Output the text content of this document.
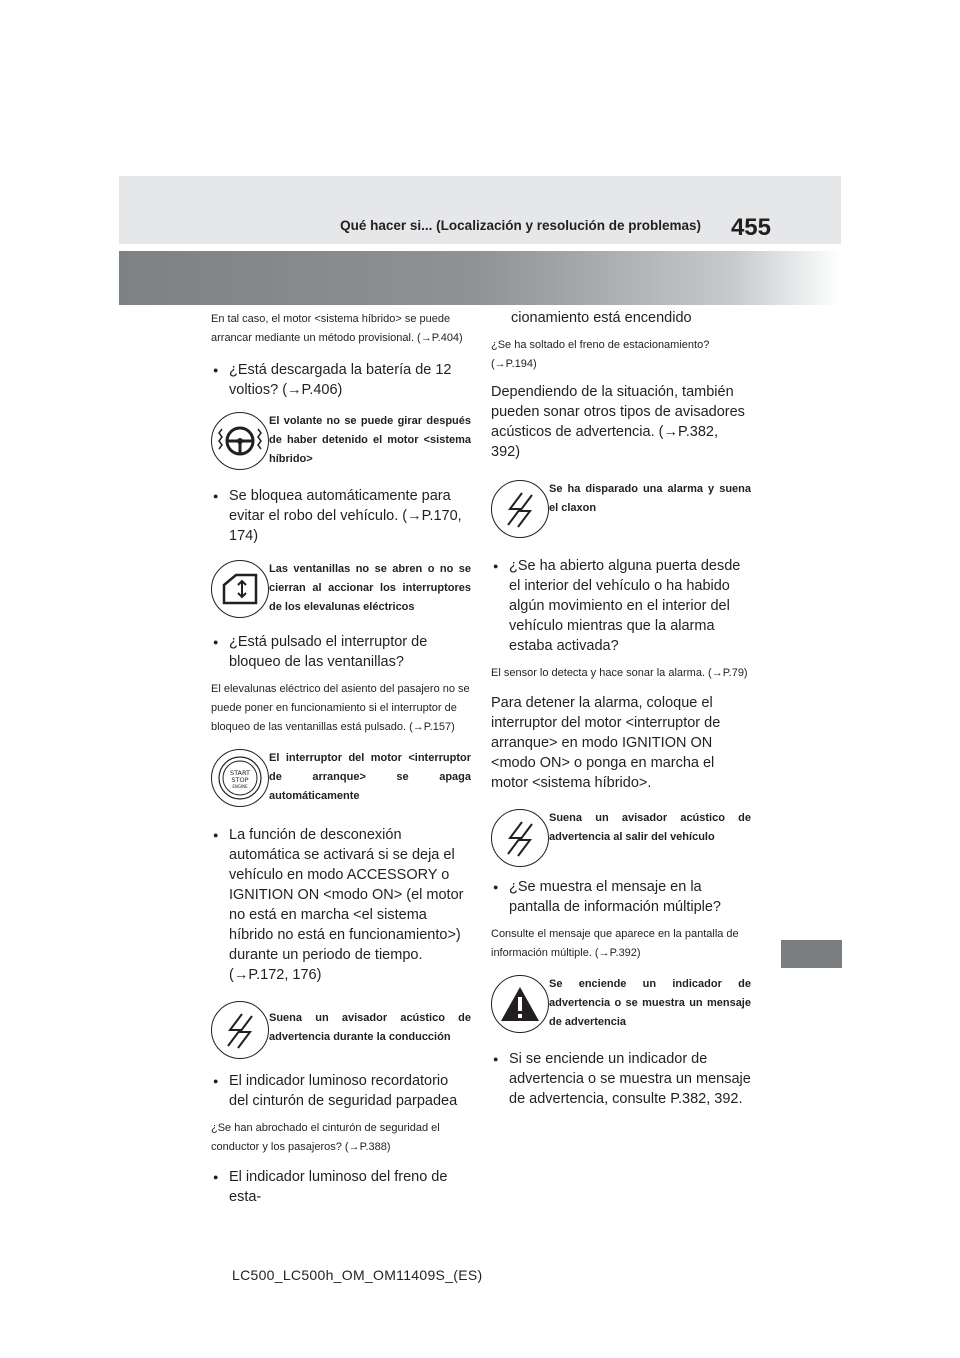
Qué hacer si... (Localización y resolución de problemas) 455

En tal caso, el motor <sistema híbrido> se puede arrancar mediante un método provisional. (→P.404)

● ¿Está descargada la batería de 12 voltios? (→P.406)

El volante no se puede girar después de haber detenido el motor <sistema híbrido>

● Se bloquea automáticamente para evitar el robo del vehículo. (→P.170, 174)

Las ventanillas no se abren o no se cierran al accionar los interruptores de los elevalunas eléctricos

● ¿Está pulsado el interruptor de bloqueo de las ventanillas?

El elevalunas eléctrico del asiento del pasajero no se puede poner en funcionamiento si el interruptor de bloqueo de las ventanillas está pulsado. (→P.157)

START
STOP
ENGINE
El interruptor del motor <interruptor de arranque> se apaga automáticamente

● La función de desconexión automática se activará si se deja el vehículo en modo ACCESSORY o IGNITION ON <modo ON> (el motor no está en marcha <el sistema híbrido no está en funcionamiento>) durante un periodo de tiempo. (→P.172, 176)

Suena un avisador acústico de advertencia durante la conducción

● El indicador luminoso recordatorio del cinturón de seguridad parpadea

¿Se han abrochado el cinturón de seguridad el conductor y los pasajeros? (→P.388)

● El indicador luminoso del freno de esta-

cionamiento está encendido

¿Se ha soltado el freno de estacionamiento? (→P.194)

Dependiendo de la situación, también pueden sonar otros tipos de avisadores acústicos de advertencia. (→P.382, 392)

Se ha disparado una alarma y suena el claxon

● ¿Se ha abierto alguna puerta desde el interior del vehículo o ha habido algún movimiento en el interior del vehículo mientras que la alarma estaba activada?

El sensor lo detecta y hace sonar la alarma. (→P.79)

Para detener la alarma, coloque el interruptor del motor <interruptor de arranque> en modo IGNITION ON <modo ON> o ponga en marcha el motor <sistema híbrido>.

Suena un avisador acústico de advertencia al salir del vehículo

● ¿Se muestra el mensaje en la pantalla de información múltiple?

Consulte el mensaje que aparece en la pantalla de información múltiple. (→P.392)

Se enciende un indicador de advertencia o se muestra un mensaje de advertencia

● Si se enciende un indicador de advertencia o se muestra un mensaje de advertencia, consulte P.382, 392.

LC500_LC500h_OM_OM11409S_(ES)
